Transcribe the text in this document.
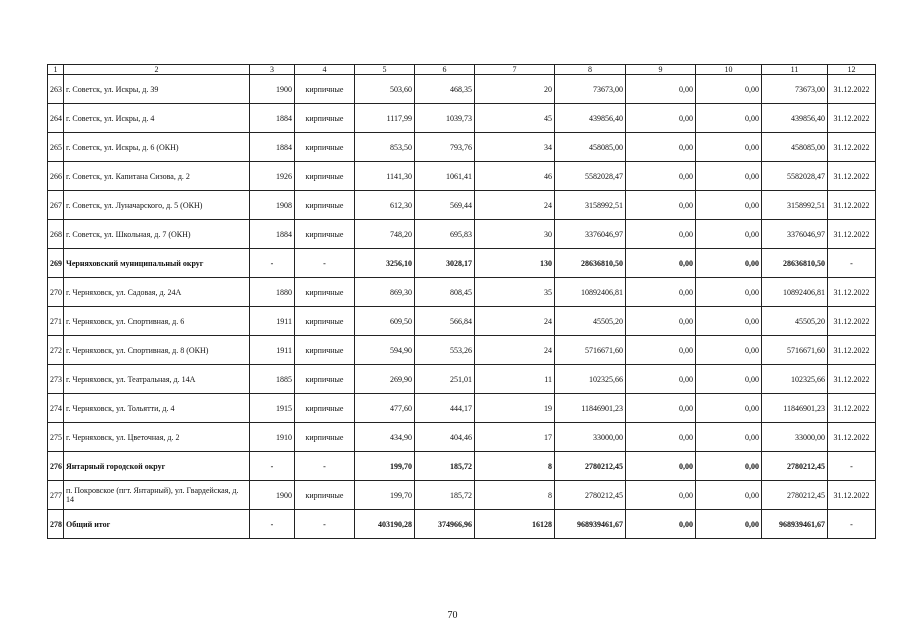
1	2	3	4	5	6	7	8	9	10	11	12
263	г. Советск, ул. Искры, д. 39	1900	кирпичные	503,60	468,35	20	73673,00	0,00	0,00	73673,00	31.12.2022
264	г. Советск, ул. Искры, д. 4	1884	кирпичные	1117,99	1039,73	45	439856,40	0,00	0,00	439856,40	31.12.2022
265	г. Советск, ул. Искры, д. 6 (ОКН)	1884	кирпичные	853,50	793,76	34	458085,00	0,00	0,00	458085,00	31.12.2022
266	г. Советск, ул. Капитана Сизова, д. 2	1926	кирпичные	1141,30	1061,41	46	5582028,47	0,00	0,00	5582028,47	31.12.2022
267	г. Советск, ул. Луначарского, д. 5 (ОКН)	1908	кирпичные	612,30	569,44	24	3158992,51	0,00	0,00	3158992,51	31.12.2022
268	г. Советск, ул. Школьная, д. 7 (ОКН)	1884	кирпичные	748,20	695,83	30	3376046,97	0,00	0,00	3376046,97	31.12.2022
269	Черняховский муниципальный округ	-	-	3256,10	3028,17	130	28636810,50	0,00	0,00	28636810,50	-
270	г. Черняховск, ул. Садовая, д. 24А	1880	кирпичные	869,30	808,45	35	10892406,81	0,00	0,00	10892406,81	31.12.2022
271	г. Черняховск, ул. Спортивная, д. 6	1911	кирпичные	609,50	566,84	24	45505,20	0,00	0,00	45505,20	31.12.2022
272	г. Черняховск, ул. Спортивная, д. 8 (ОКН)	1911	кирпичные	594,90	553,26	24	5716671,60	0,00	0,00	5716671,60	31.12.2022
273	г. Черняховск, ул. Театральная, д. 14А	1885	кирпичные	269,90	251,01	11	102325,66	0,00	0,00	102325,66	31.12.2022
274	г. Черняховск, ул. Тольятти, д. 4	1915	кирпичные	477,60	444,17	19	11846901,23	0,00	0,00	11846901,23	31.12.2022
275	г. Черняховск, ул. Цветочная, д. 2	1910	кирпичные	434,90	404,46	17	33000,00	0,00	0,00	33000,00	31.12.2022
276	Янтарный городской округ	-	-	199,70	185,72	8	2780212,45	0,00	0,00	2780212,45	-
277	п. Покровское (пгт. Янтарный), ул. Гвардейская, д. 14	1900	кирпичные	199,70	185,72	8	2780212,45	0,00	0,00	2780212,45	31.12.2022
278	Общий итог	-	-	403190,28	374966,96	16128	968939461,67	0,00	0,00	968939461,67	-
70
